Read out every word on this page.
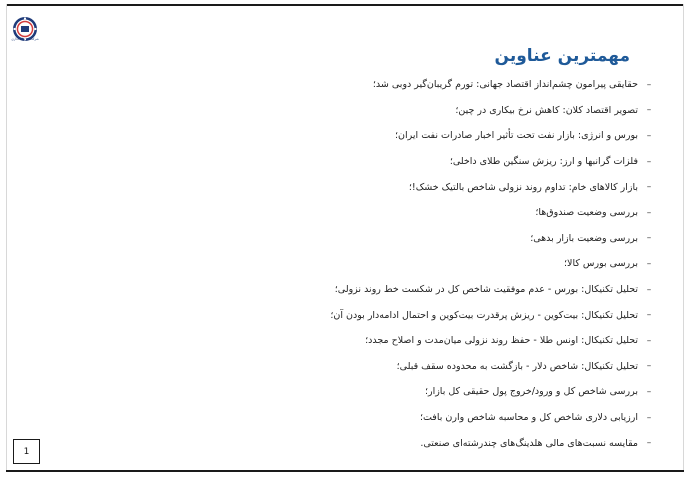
شرکت سرمایه گذاری
مهمترین عناوین
–
حقایقی پیرامون چشم‌انداز اقتصاد جهانی: تورم گریبان‌گیر دوبی شد؛
–
تصویر اقتصاد کلان: کاهش نرخ بیکاری در چین؛
–
بورس و انرژی: بازار نفت تحت تأثیر اخبار صادرات نفت ایران؛
–
فلزات گرانبها و ارز: ریزش سنگین طلای داخلی؛
–
بازار کالاهای خام: تداوم روند نزولی شاخص بالتیک خشک!؛
–
بررسی وضعیت صندوق‌ها؛
–
بررسی وضعیت بازار بدهی؛
–
بررسی بورس کالا؛
–
تحلیل تکنیکال: بورس - عدم موفقیت شاخص کل در شکست خط روند نزولی؛
–
تحلیل تکنیکال: بیت‌کوین - ریزش پرقدرت بیت‌کوین و احتمال ادامه‌دار بودن آن؛
–
تحلیل تکنیکال: اونس طلا - حفظ روند نزولی میان‌مدت و اصلاح مجدد؛
–
تحلیل تکنیکال: شاخص دلار - بازگشت به محدوده سقف قبلی؛
–
بررسی شاخص کل و ورود/خروج پول حقیقی کل بازار؛
–
ارزیابی دلاری شاخص کل و محاسبه شاخص وارن بافت؛
–
مقایسه نسبت‌های مالی هلدینگ‌های چندرشته‌ای صنعتی.
1
